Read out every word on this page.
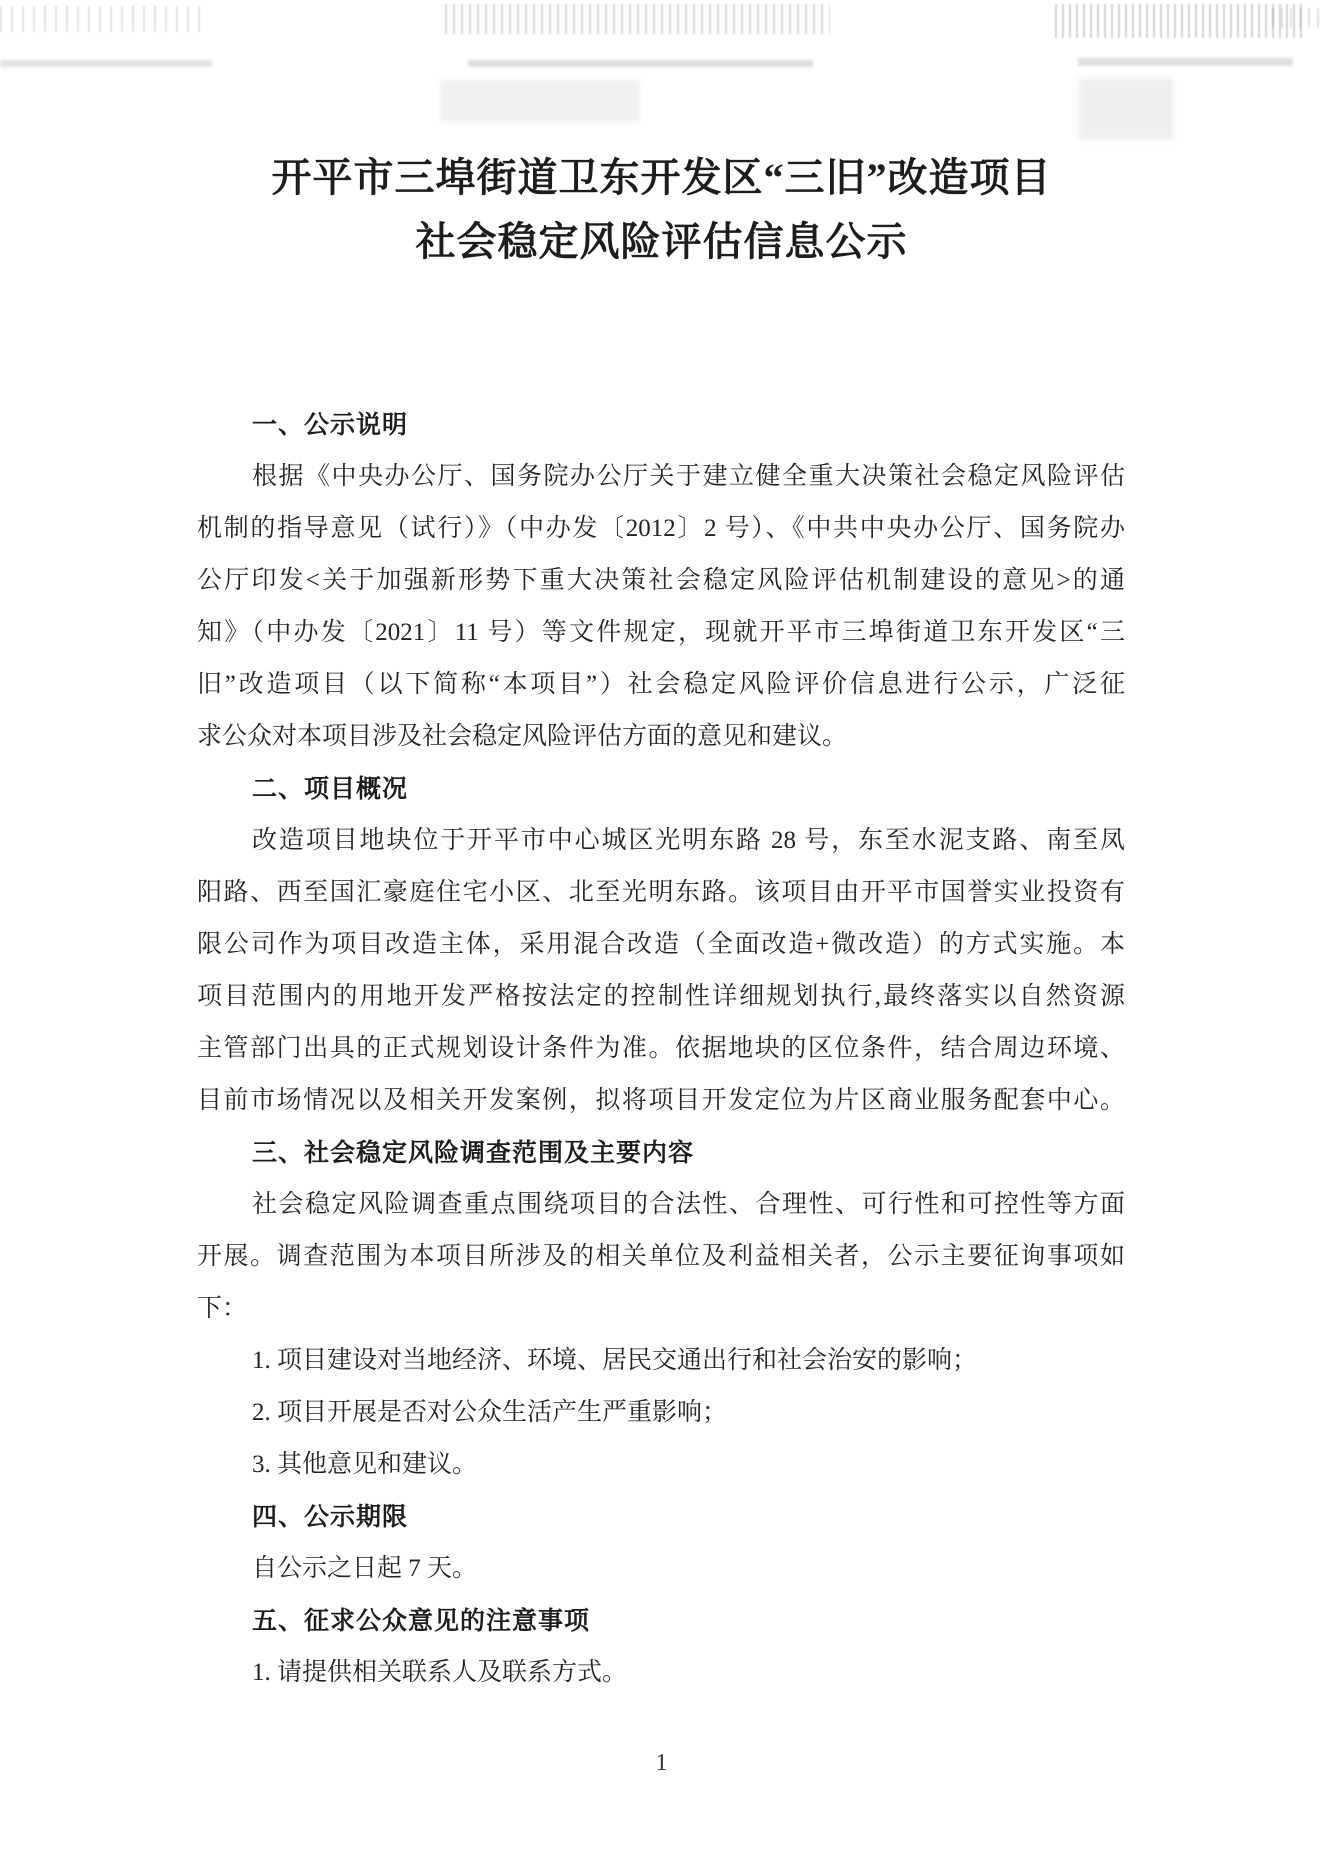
开平市三埠街道卫东开发区“三旧”改造项目
社会稳定风险评估信息公示
一、公示说明
根据《中央办公厅、国务院办公厅关于建立健全重大决策社会稳定风险评估
机制的指导意见（试行）》（中办发〔2012〕2 号）、《中共中央办公厅、国务院办
公厅印发<关于加强新形势下重大决策社会稳定风险评估机制建设的意见>的通
知》（中办发〔2021〕11 号）等文件规定，现就开平市三埠街道卫东开发区“三
旧”改造项目（以下简称“本项目”）社会稳定风险评价信息进行公示，广泛征
求公众对本项目涉及社会稳定风险评估方面的意见和建议。
二、项目概况
改造项目地块位于开平市中心城区光明东路 28 号，东至水泥支路、南至凤
阳路、西至国汇豪庭住宅小区、北至光明东路。该项目由开平市国誉实业投资有
限公司作为项目改造主体，采用混合改造（全面改造+微改造）的方式实施。本
项目范围内的用地开发严格按法定的控制性详细规划执行,最终落实以自然资源
主管部门出具的正式规划设计条件为准。依据地块的区位条件，结合周边环境、
目前市场情况以及相关开发案例，拟将项目开发定位为片区商业服务配套中心。
三、社会稳定风险调查范围及主要内容
社会稳定风险调查重点围绕项目的合法性、合理性、可行性和可控性等方面
开展。调查范围为本项目所涉及的相关单位及利益相关者，公示主要征询事项如
下：
1. 项目建设对当地经济、环境、居民交通出行和社会治安的影响；
2. 项目开展是否对公众生活产生严重影响；
3. 其他意见和建议。
四、公示期限
自公示之日起 7 天。
五、征求公众意见的注意事项
1. 请提供相关联系人及联系方式。
1
